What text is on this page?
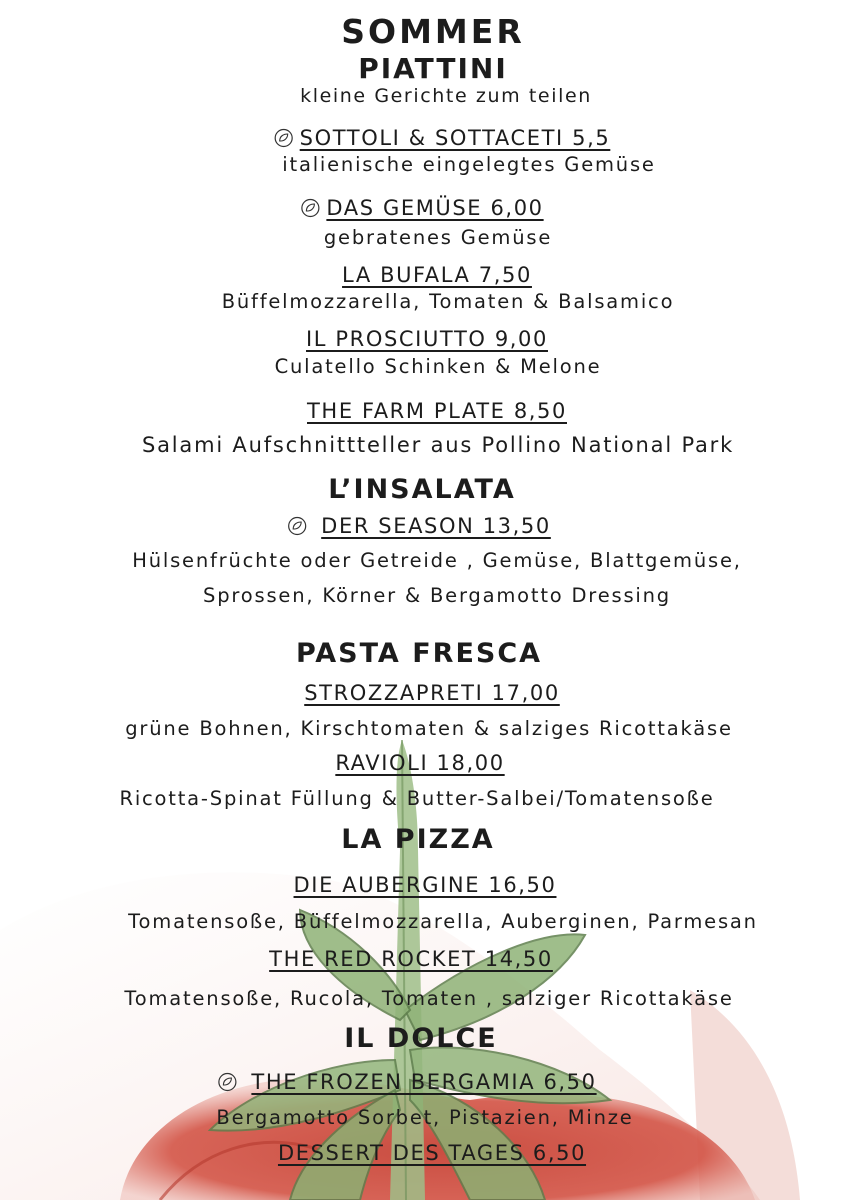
SOMMER
PIATTINI
kleine Gerichte zum teilen
SOTTOLI & SOTTACETI 5,5
italienische eingelegtes Gemüse
DAS GEMÜSE 6,00
gebratenes Gemüse
LA BUFALA 7,50
Büffelmozzarella, Tomaten & Balsamico
IL PROSCIUTTO 9,00
Culatello Schinken & Melone
THE FARM PLATE 8,50
Salami Aufschnittteller aus Pollino National Park
L’INSALATA
DER SEASON 13,50
Hülsenfrüchte oder Getreide , Gemüse, Blattgemüse,
Sprossen, Körner & Bergamotto Dressing
PASTA FRESCA
STROZZAPRETI 17,00
grüne Bohnen, Kirschtomaten & salziges Ricottakäse
RAVIOLI 18,00
Ricotta-Spinat Füllung & Butter-Salbei/Tomatensoße
LA PIZZA
DIE AUBERGINE 16,50
Tomatensoße, Büffelmozzarella, Auberginen, Parmesan
THE RED ROCKET 14,50
Tomatensoße, Rucola, Tomaten , salziger Ricottakäse
IL DOLCE
THE FROZEN BERGAMIA 6,50
Bergamotto Sorbet, Pistazien, Minze
DESSERT DES TAGES 6,50
